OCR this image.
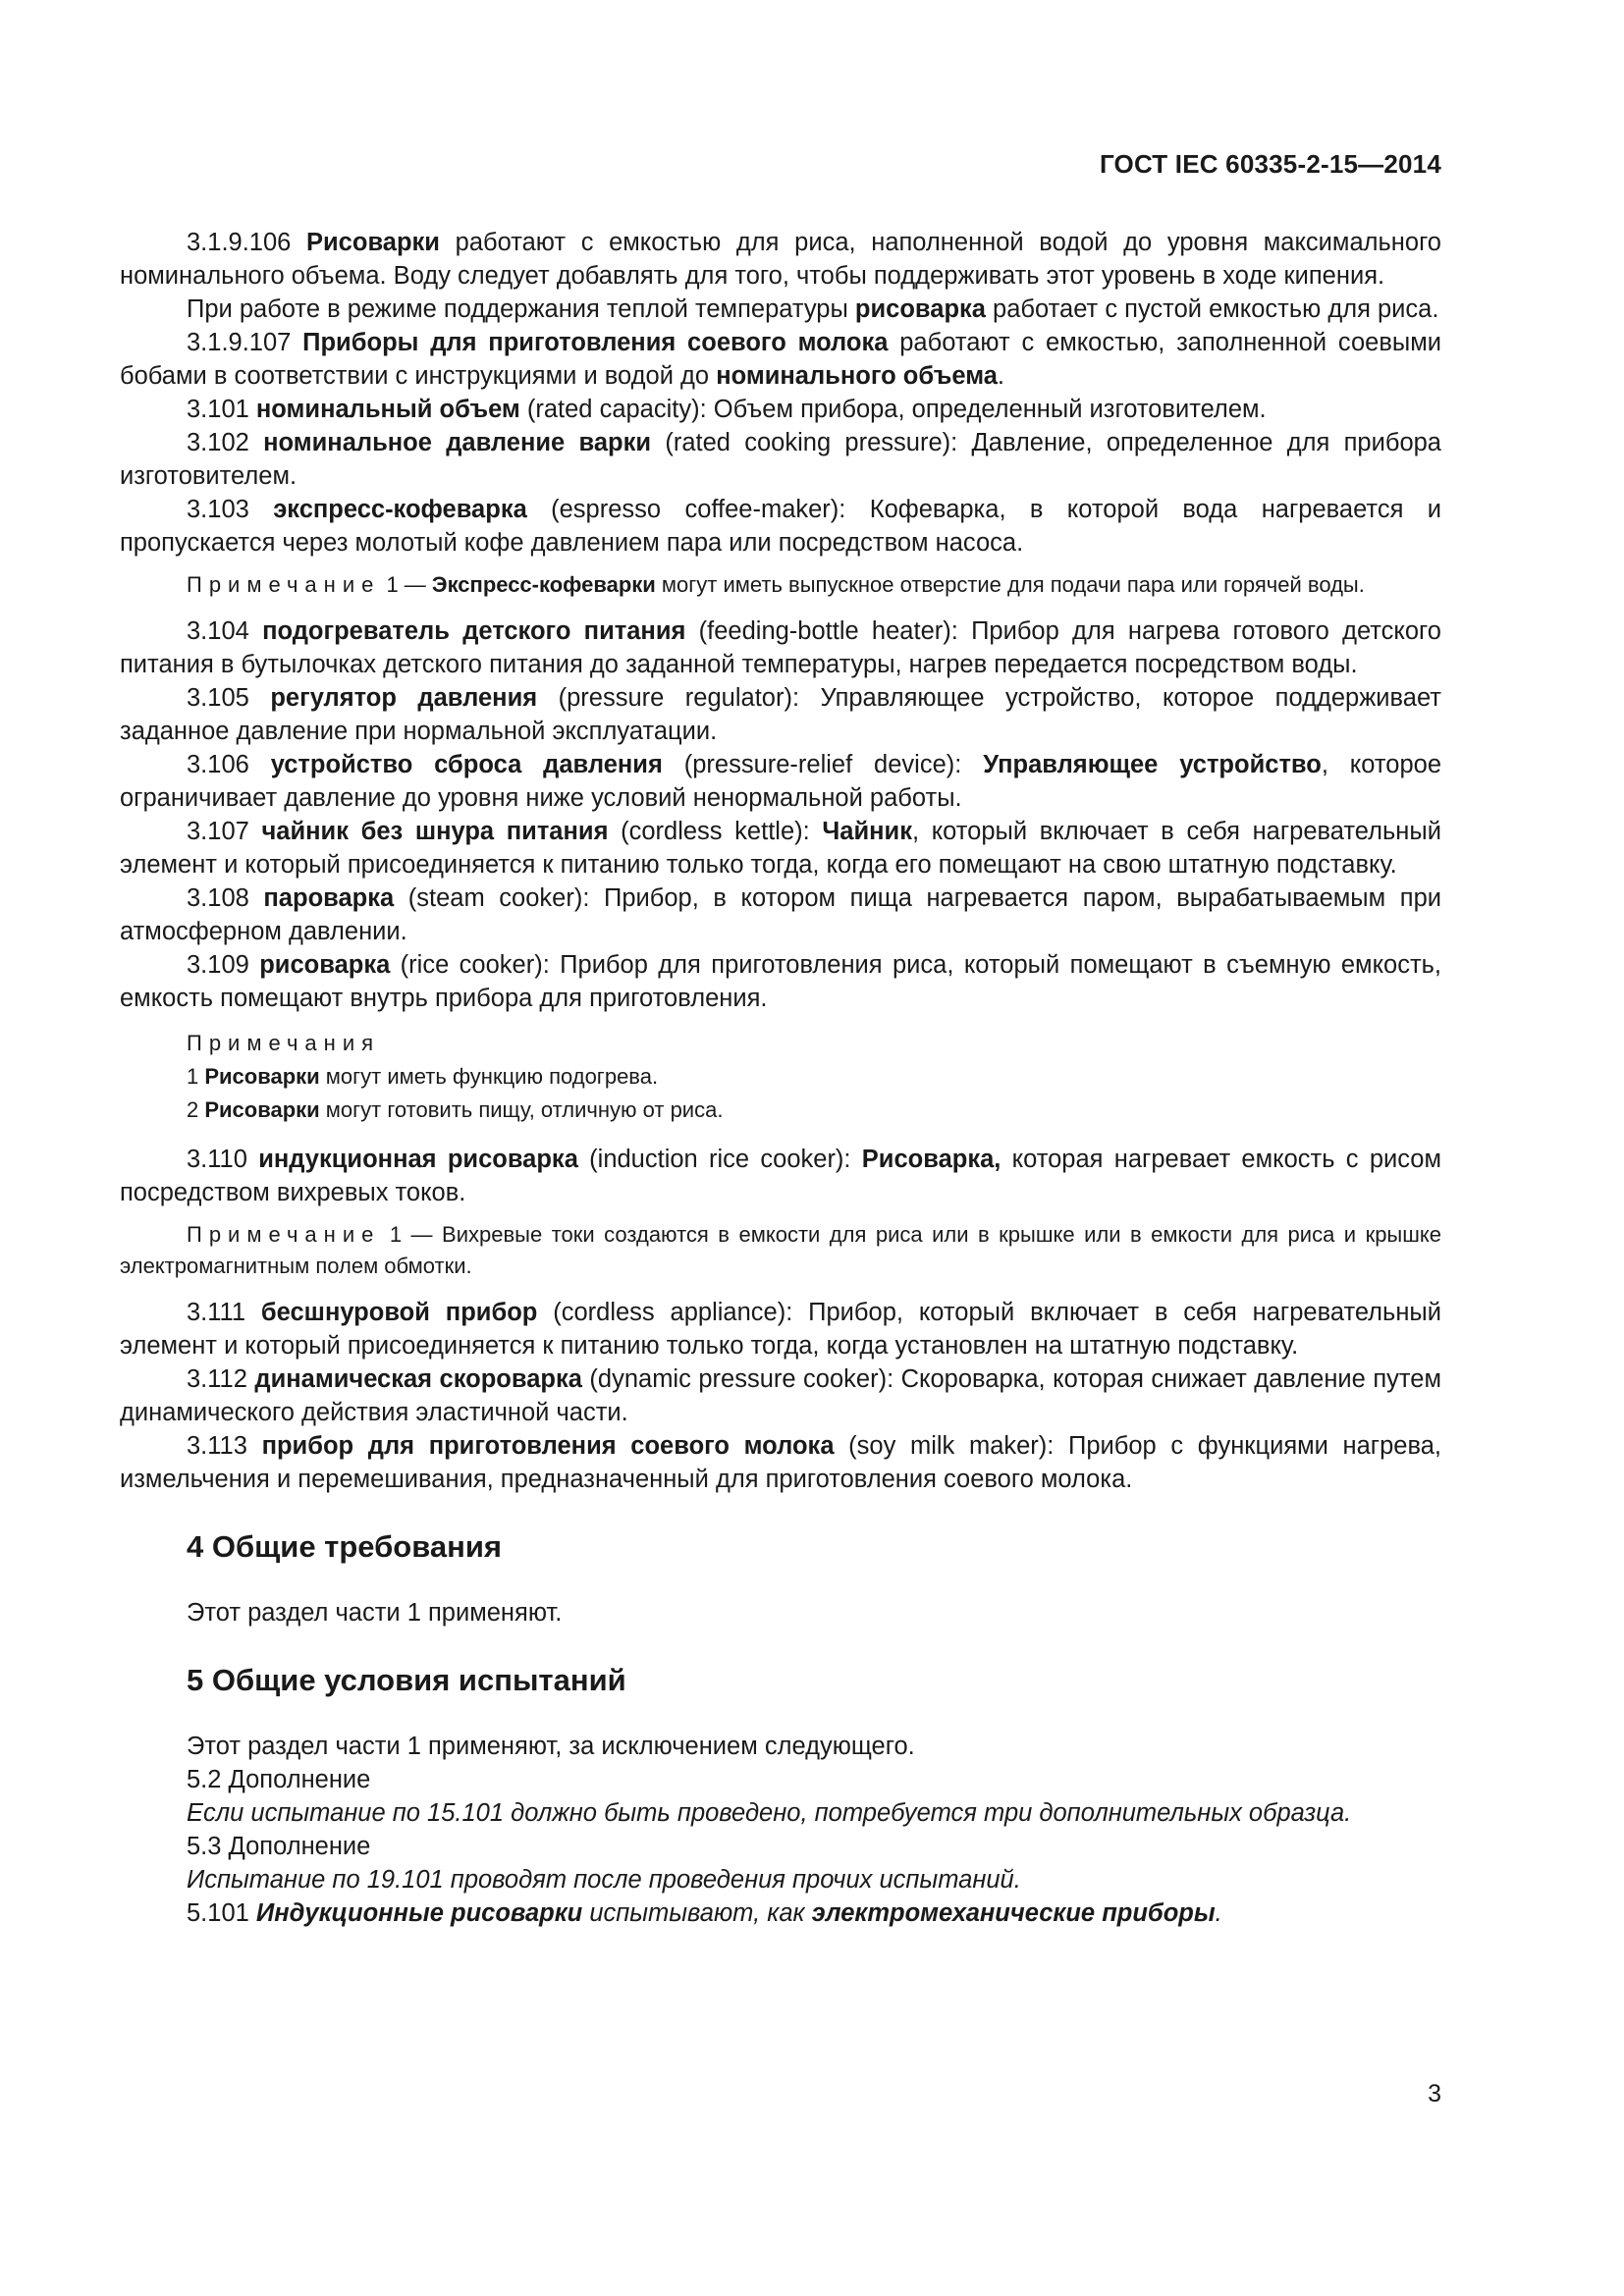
ГОСТ IEC 60335-2-15—2014

3.1.9.106 Рисоварки работают с емкостью для риса, наполненной водой до уровня максимального номинального объема. Воду следует добавлять для того, чтобы поддерживать этот уровень в ходе кипения.

При работе в режиме поддержания теплой температуры рисоварка работает с пустой емкостью для риса.

3.1.9.107 Приборы для приготовления соевого молока работают с емкостью, заполненной соевыми бобами в соответствии с инструкциями и водой до номинального объема.

3.101 номинальный объем (rated capacity): Объем прибора, определенный изготовителем.

3.102 номинальное давление варки (rated cooking pressure): Давление, определенное для прибора изготовителем.

3.103 экспресс-кофеварка (espresso coffee-maker): Кофеварка, в которой вода нагревается и пропускается через молотый кофе давлением пара или посредством насоса.

Примечание 1 — Экспресс-кофеварки могут иметь выпускное отверстие для подачи пара или горячей воды.

3.104 подогреватель детского питания (feeding-bottle heater): Прибор для нагрева готового детского питания в бутылочках детского питания до заданной температуры, нагрев передается посредством воды.

3.105 регулятор давления (pressure regulator): Управляющее устройство, которое поддерживает заданное давление при нормальной эксплуатации.

3.106 устройство сброса давления (pressure-relief device): Управляющее устройство, которое ограничивает давление до уровня ниже условий ненормальной работы.

3.107 чайник без шнура питания (cordless kettle): Чайник, который включает в себя нагревательный элемент и который присоединяется к питанию только тогда, когда его помещают на свою штатную подставку.

3.108 пароварка (steam cooker): Прибор, в котором пища нагревается паром, вырабатываемым при атмосферном давлении.

3.109 рисоварка (rice cooker): Прибор для приготовления риса, который помещают в съемную емкость, емкость помещают внутрь прибора для приготовления.

Примечания
1 Рисоварки могут иметь функцию подогрева.
2 Рисоварки могут готовить пищу, отличную от риса.

3.110 индукционная рисоварка (induction rice cooker): Рисоварка, которая нагревает емкость с рисом посредством вихревых токов.

Примечание 1 — Вихревые токи создаются в емкости для риса или в крышке или в емкости для риса и крышке электромагнитным полем обмотки.

3.111 бесшнуровой прибор (cordless appliance): Прибор, который включает в себя нагревательный элемент и который присоединяется к питанию только тогда, когда установлен на штатную подставку.

3.112 динамическая скороварка (dynamic pressure cooker): Скороварка, которая снижает давление путем динамического действия эластичной части.

3.113 прибор для приготовления соевого молока (soy milk maker): Прибор с функциями нагрева, измельчения и перемешивания, предназначенный для приготовления соевого молока.

4 Общие требования

Этот раздел части 1 применяют.

5 Общие условия испытаний

Этот раздел части 1 применяют, за исключением следующего.

5.2 Дополнение

Если испытание по 15.101 должно быть проведено, потребуется три дополнительных образца.

5.3 Дополнение

Испытание по 19.101 проводят после проведения прочих испытаний.

5.101 Индукционные рисоварки испытывают, как электромеханические приборы.

3
